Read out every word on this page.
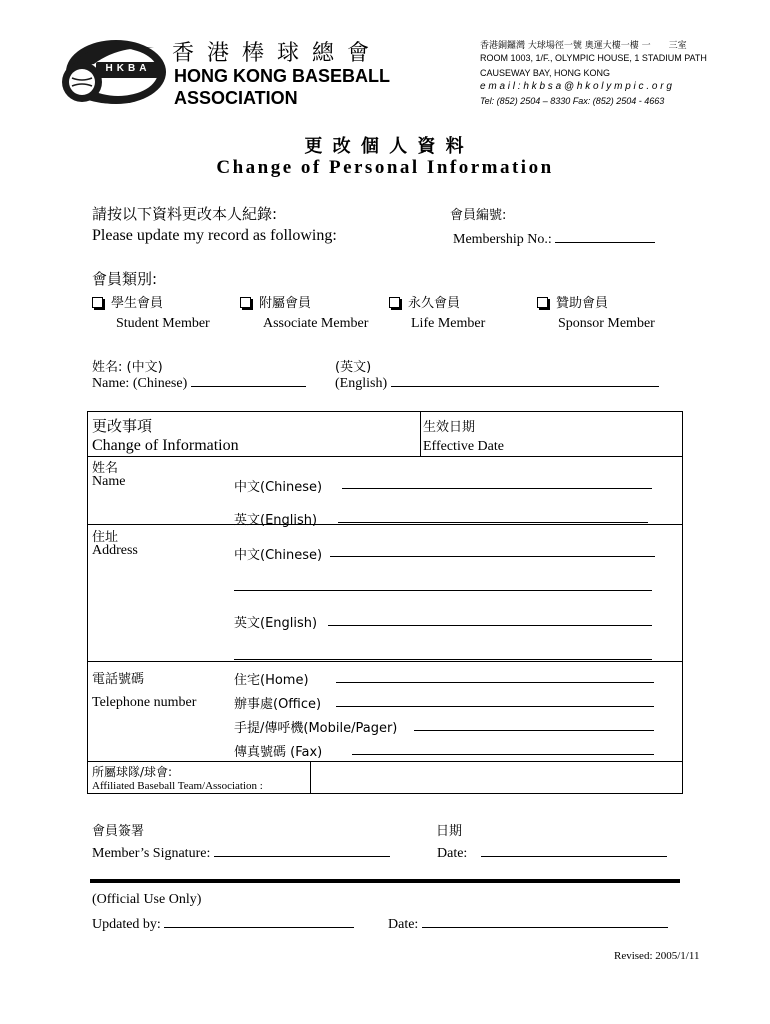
HKBA
香 港 棒 球 總 會
HONG KONG BASEBALL
ASSOCIATION
香港銅鑼灣 大球場徑一號 奧運大樓一樓 一　　三室
ROOM 1003, 1/F., OLYMPIC HOUSE, 1 STADIUM PATH
CAUSEWAY BAY, HONG KONG
e m a i l : h k b s a @ h k o l y m p i c . o r g
Tel: (852) 2504 – 8330 Fax: (852) 2504 - 4663
更 改 個 人 資 料
Change of Personal Information
請按以下資料更改本人紀錄:
Please update my record as following:
會員編號:
Membership No.:
會員類別:
學生會員	附屬會員	永久會員	贊助會員
Student Member	Associate Member	Life Member	Sponsor Member
姓名: (中文)	(英文)
Name: (Chinese)	(English)
更改事項
Change of Information
生效日期
Effective Date
姓名
Name	中文(Chinese)
英文(English)
住址
Address	中文(Chinese)
英文(English)
電話號碼
Telephone number
住宅(Home)
辦事處(Office)
手提/傳呼機(Mobile/Pager)
傳真號碼 (Fax)
所屬球隊/球會:
Affiliated Baseball Team/Association :
會員簽署
Member’s Signature:
日期
Date:
(Official Use Only)
Updated by:	Date:
Revised: 2005/1/11
